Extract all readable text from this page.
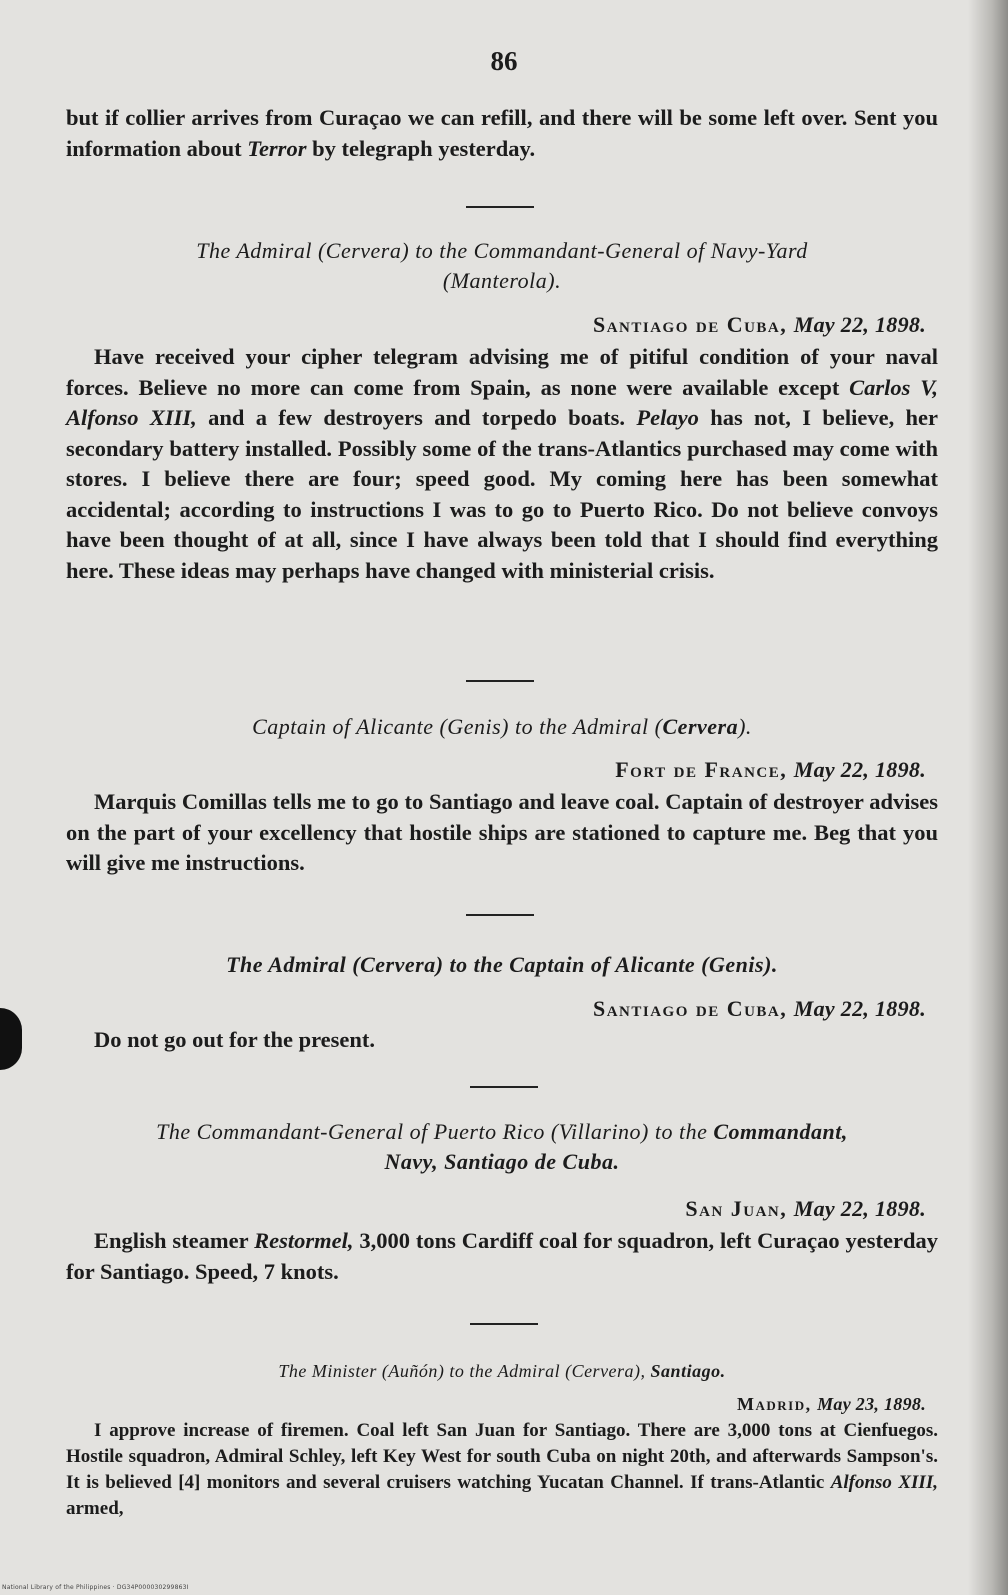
86

but if collier arrives from Curaçao we can refill, and there will be some left over. Sent you information about Terror by telegraph yesterday.

The Admiral (Cervera) to the Commandant-General of Navy-Yard
(Manterola).
Santiago de Cuba, May 22, 1898.

Have received your cipher telegram advising me of pitiful condition of your naval forces. Believe no more can come from Spain, as none were available except Carlos V, Alfonso XIII, and a few destroyers and torpedo boats. Pelayo has not, I believe, her secondary battery installed. Possibly some of the trans-Atlantics purchased may come with stores. I believe there are four; speed good. My coming here has been somewhat accidental; according to instructions I was to go to Puerto Rico. Do not believe convoys have been thought of at all, since I have always been told that I should find everything here. These ideas may perhaps have changed with ministerial crisis.

Captain of Alicante (Genis) to the Admiral (Cervera).
Fort de France, May 22, 1898.

Marquis Comillas tells me to go to Santiago and leave coal. Captain of destroyer advises on the part of your excellency that hostile ships are stationed to capture me. Beg that you will give me instructions.

The Admiral (Cervera) to the Captain of Alicante (Genis).
Santiago de Cuba, May 22, 1898.

Do not go out for the present.

The Commandant-General of Puerto Rico (Villarino) to the Commandant,
Navy, Santiago de Cuba.
San Juan, May 22, 1898.

English steamer Restormel, 3,000 tons Cardiff coal for squadron, left Curaçao yesterday for Santiago. Speed, 7 knots.

The Minister (Auñón) to the Admiral (Cervera), Santiago.
Madrid, May 23, 1898.

I approve increase of firemen. Coal left San Juan for Santiago. There are 3,000 tons at Cienfuegos. Hostile squadron, Admiral Schley, left Key West for south Cuba on night 20th, and afterwards Sampson's. It is believed [4] monitors and several cruisers watching Yucatan Channel. If trans-Atlantic Alfonso XIII, armed,

National Library of the Philippines · DG34P000030299863I
